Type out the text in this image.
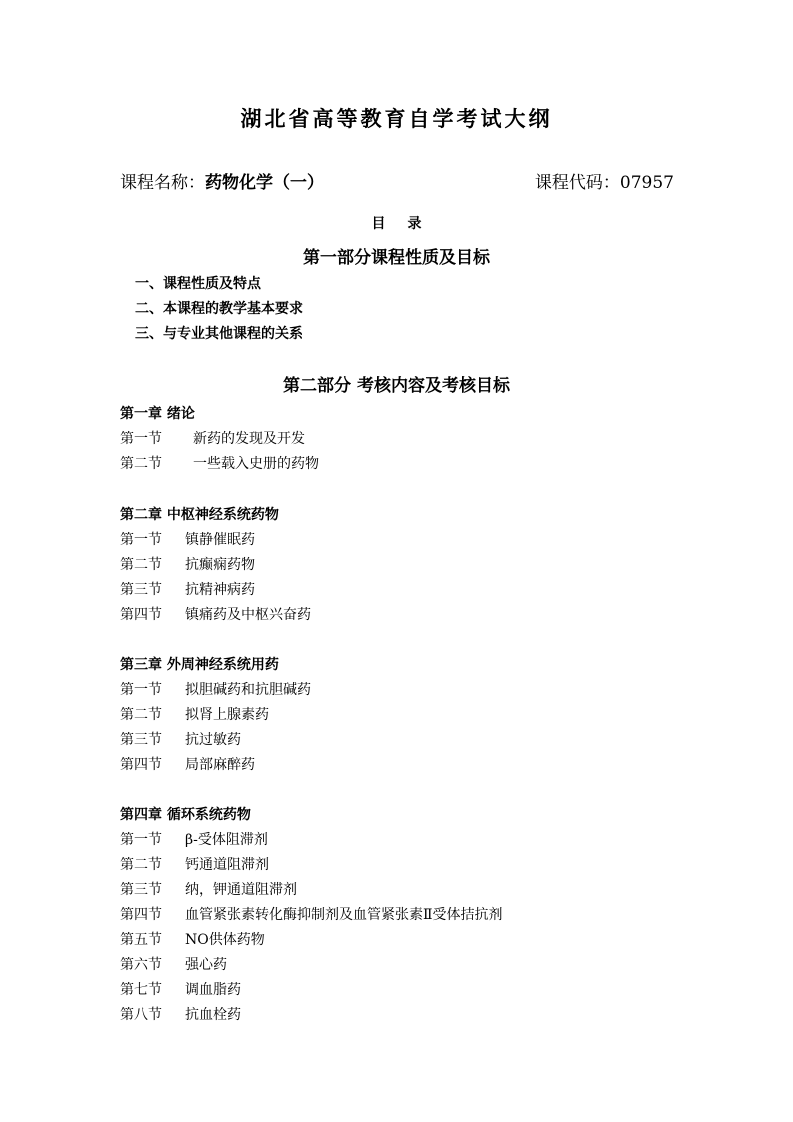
湖北省高等教育自学考试大纲
课程名称：药物化学（一）	课程代码：07957
目录
第一部分课程性质及目标
一、课程性质及特点
二、本课程的教学基本要求
三、与专业其他课程的关系
第二部分 考核内容及考核目标
第一章 绪论
第一节 新药的发现及开发
第二节 一些载入史册的药物
第二章 中枢神经系统药物
第一节 镇静催眠药
第二节 抗癫痫药物
第三节 抗精神病药
第四节 镇痛药及中枢兴奋药
第三章 外周神经系统用药
第一节 拟胆碱药和抗胆碱药
第二节 拟肾上腺素药
第三节 抗过敏药
第四节 局部麻醉药
第四章 循环系统药物
第一节 β-受体阻滞剂
第二节 钙通道阻滞剂
第三节 纳，钾通道阻滞剂
第四节 血管紧张素转化酶抑制剂及血管紧张素Ⅱ受体拮抗剂
第五节 NO供体药物
第六节 强心药
第七节 调血脂药
第八节 抗血栓药
